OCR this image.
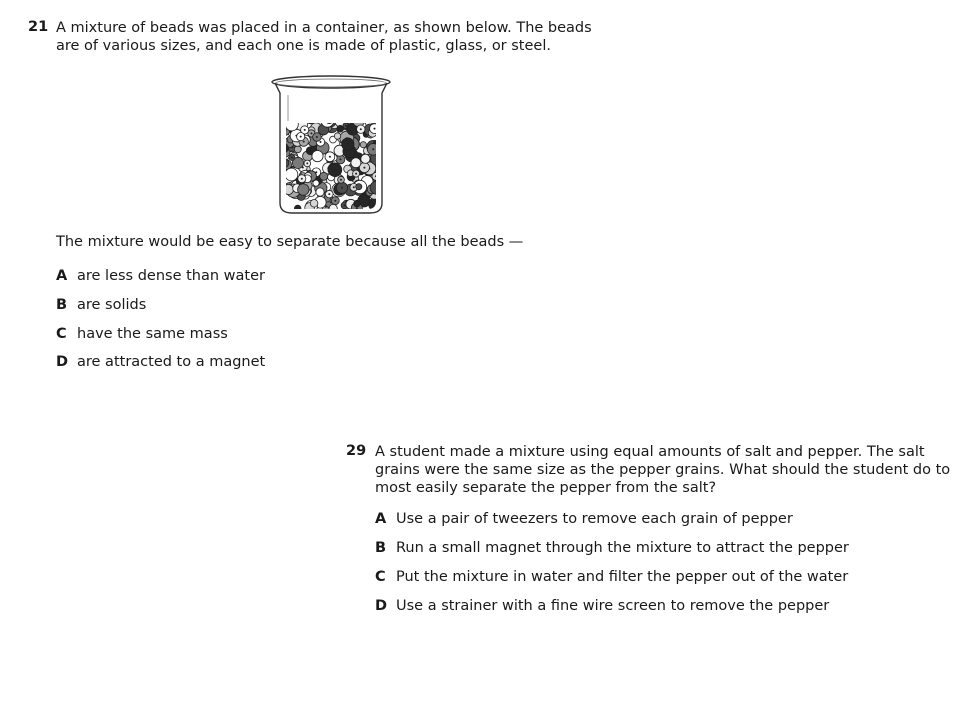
21 A mixture of beads was placed in a container, as shown below. The beads are of various sizes, and each one is made of plastic, glass, or steel.
The mixture would be easy to separate because all the beads —
A are less dense than water
B are solids
C have the same mass
D are attracted to a magnet
29 A student made a mixture using equal amounts of salt and pepper. The salt grains were the same size as the pepper grains. What should the student do to most easily separate the pepper from the salt?
A Use a pair of tweezers to remove each grain of pepper
B Run a small magnet through the mixture to attract the pepper
C Put the mixture in water and filter the pepper out of the water
D Use a strainer with a fine wire screen to remove the pepper
